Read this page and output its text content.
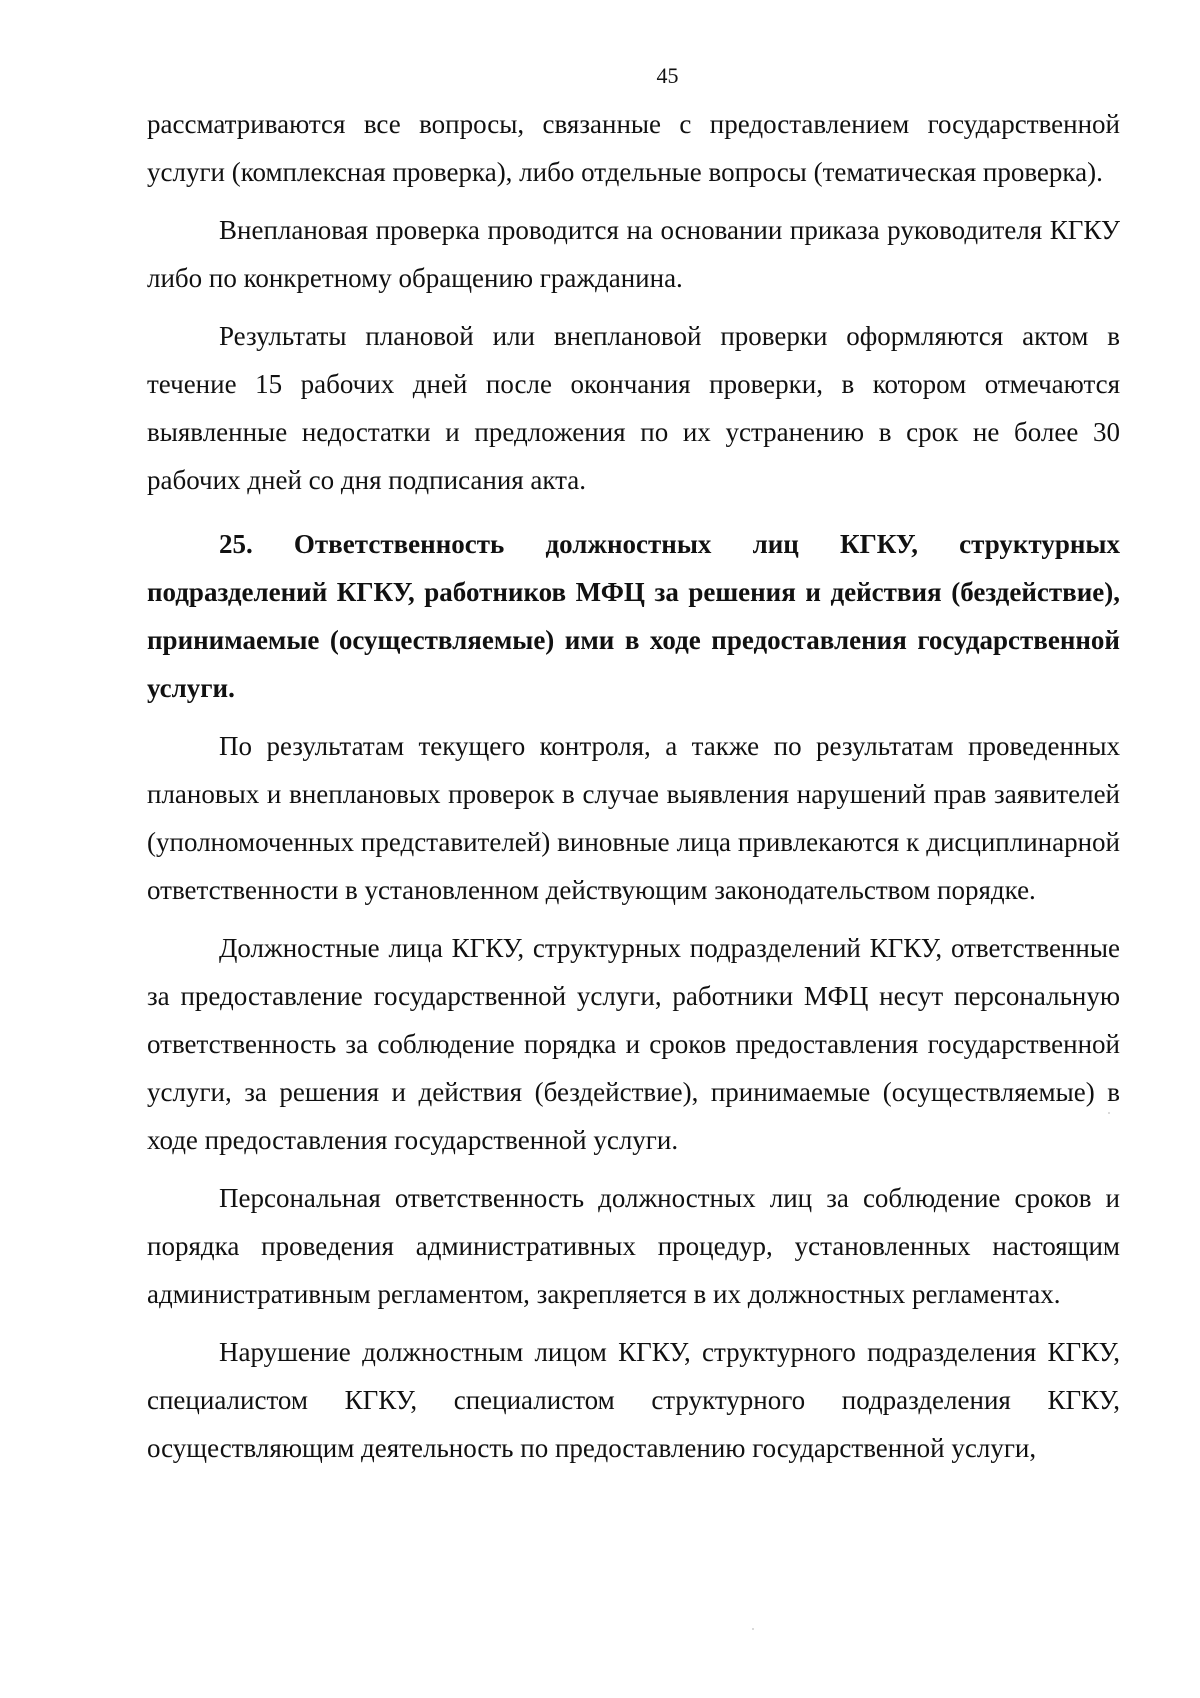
45

рассматриваются все вопросы, связанные с предоставлением государственной услуги (комплексная проверка), либо отдельные вопросы (тематическая проверка).

Внеплановая проверка проводится на основании приказа руководителя КГКУ либо по конкретному обращению гражданина.

Результаты плановой или внеплановой проверки оформляются актом в течение 15 рабочих дней после окончания проверки, в котором отмечаются выявленные недостатки и предложения по их устранению в срок не более 30 рабочих дней со дня подписания акта.

25. Ответственность должностных лиц КГКУ, структурных подразделений КГКУ, работников МФЦ за решения и действия (бездействие), принимаемые (осуществляемые) ими в ходе предоставления государственной услуги.

По результатам текущего контроля, а также по результатам проведенных плановых и внеплановых проверок в случае выявления нарушений прав заявителей (уполномоченных представителей) виновные лица привлекаются к дисциплинарной ответственности в установленном действующим законодательством порядке.

Должностные лица КГКУ, структурных подразделений КГКУ, ответственные за предоставление государственной услуги, работники МФЦ несут персональную ответственность за соблюдение порядка и сроков предоставления государственной услуги, за решения и действия (бездействие), принимаемые (осуществляемые) в ходе предоставления государственной услуги.

Персональная ответственность должностных лиц за соблюдение сроков и порядка проведения административных процедур, установленных настоящим административным регламентом, закрепляется в их должностных регламентах.

Нарушение должностным лицом КГКУ, структурного подразделения КГКУ, специалистом КГКУ, специалистом структурного подразделения КГКУ, осуществляющим деятельность по предоставлению государственной услуги,
